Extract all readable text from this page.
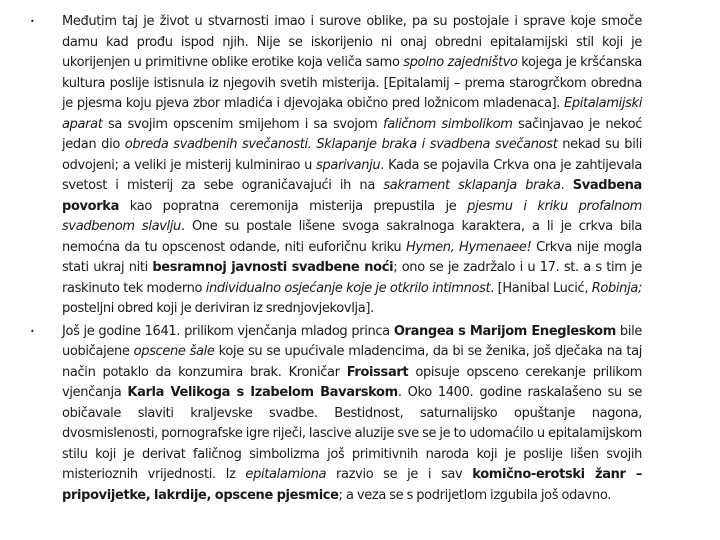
•	Međutim taj je život u stvarnosti imao i surove oblike, pa su postojale i sprave koje smoče damu kad prođu ispod njih. Nije se iskorijenio ni onaj obredni epitalamijski stil koji je ukorijenjen u primitivne oblike erotike koja veliča samo spolno zajedništvo kojega je kršćanska kultura poslije istisnula iz njegovih svetih misterija. [Epitalamij – prema starogrčkom obredna je pjesma koju pjeva zbor mladića i djevojaka obično pred ložnicom mladenaca]. Epitalamijski aparat sa svojim opscenim smijehom i sa svojom faličnom simbolikom sačinjavao je nekoć jedan dio obreda svadbenih svečanosti. Sklapanje braka i svadbena svečanost nekad su bili odvojeni; a veliki je misterij kulminirao u sparivanju. Kada se pojavila Crkva ona je zahtijevala svetost i misterij za sebe ograničavajući ih na sakrament sklapanja braka. Svadbena povorka kao popratna ceremonija misterija prepustila je pjesmu i kriku profalnom svadbenom slavlju. One su postale lišene svoga sakralnoga karaktera, a li je crkva bila nemoćna da tu opscenost odande, niti euforičnu kriku Hymen, Hymenaee! Crkva nije mogla stati ukraj niti besramnoj javnosti svadbene noći; ono se je zadržalo i u 17. st. a s tim je raskinuto tek moderno individualno osjećanje koje je otkrilo intimnost. [Hanibal Lucić, Robinja; posteljni obred koji je deriviran iz srednjovjekovlja].

•	Još je godine 1641. prilikom vjenčanja mladog princa Orangea s Marijom Enegleskom bile uobičajene opscene šale koje su se upućivale mladencima, da bi se ženika, još dječaka na taj način potaklo da konzumira brak. Kroničar Froissart opisuje opsceno cerekanje prilikom vjenčanja Karla Velikoga s Izabelom Bavarskom. Oko 1400. godine raskalašeno su se običavale slaviti kraljevske svadbe. Bestidnost, saturnalijsko opuštanje nagona, dvosmislenosti, pornografske igre riječi, lascive aluzije sve se je to udomaćilo u epitalamijskom stilu koji je derivat faličnog simbolizma još primitivnih naroda koji je poslije lišen svojih misterioznih vrijednosti. Iz epitalamiona razvio se je i sav komično-erotski žanr – pripovijetke, lakrdije, opscene pjesmice; a veza se s podrijetlom izgubila još odavno.
